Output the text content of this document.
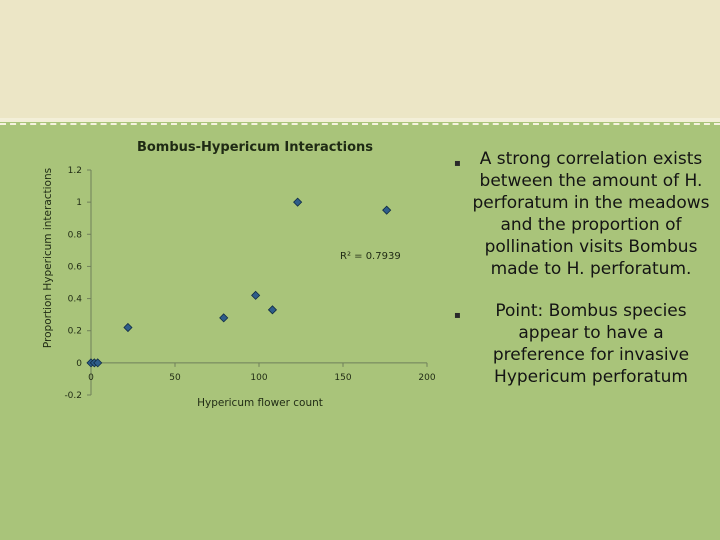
Bombus-Hypericum Interactions
Proportion Hypericum interactions
Hypericum flower count
R² = 0.7939
1.2
1
0.8
0.6
0.4
0.2
0
-0.2
0	50	100	150	200
▪ A strong correlation exists between the amount of H. perforatum in the meadows and the proportion of pollination visits Bombus made to H. perforatum.
▪ Point: Bombus species appear to have a preference for invasive Hypericum perforatum
